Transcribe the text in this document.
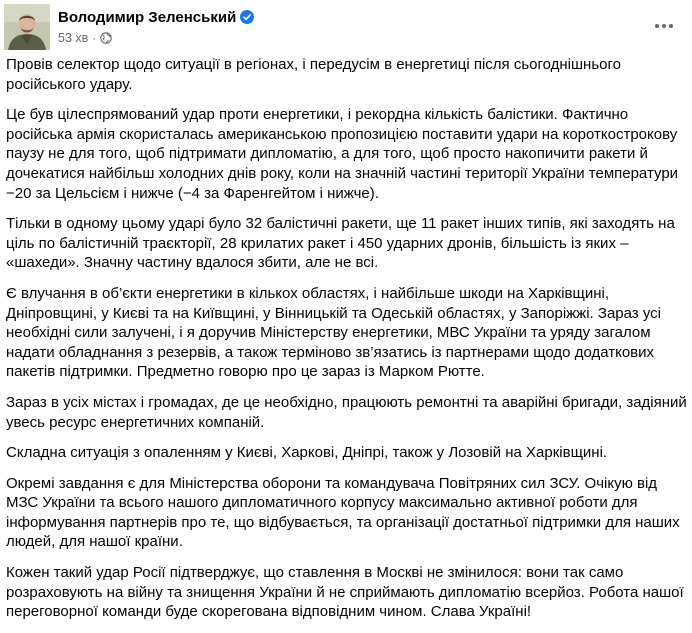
Володимир Зеленський
53 хв ·

Провів селектор щодо ситуації в регіонах, і передусім в енергетиці після сьогоднішнього російського удару.

Це був цілеспрямований удар проти енергетики, і рекордна кількість балістики. Фактично російська армія скористалась американською пропозицією поставити удари на короткострокову паузу не для того, щоб підтримати дипломатію, а для того, щоб просто накопичити ракети й дочекатися найбільш холодних днів року, коли на значній частині території України температури −20 за Цельсієм і нижче (−4 за Фаренгейтом і нижче).

Тільки в одному цьому ударі було 32 балістичні ракети, ще 11 ракет інших типів, які заходять на ціль по балістичній траєкторії, 28 крилатих ракет і 450 ударних дронів, більшість із яких – «шахеди». Значну частину вдалося збити, але не всі.

Є влучання в об’єкти енергетики в кількох областях, і найбільше шкоди на Харківщині, Дніпровщині, у Києві та на Київщині, у Вінницькій та Одеській областях, у Запоріжжі. Зараз усі необхідні сили залучені, і я доручив Міністерству енергетики, МВС України та уряду загалом надати обладнання з резервів, а також терміново зв’язатись із партнерами щодо додаткових пакетів підтримки. Предметно говорю про це зараз із Марком Рютте.

Зараз в усіх містах і громадах, де це необхідно, працюють ремонтні та аварійні бригади, задіяний увесь ресурс енергетичних компаній.

Складна ситуація з опаленням у Києві, Харкові, Дніпрі, також у Лозовій на Харківщині.

Окремі завдання є для Міністерства оборони та командувача Повітряних сил ЗСУ. Очікую від МЗС України та всього нашого дипломатичного корпусу максимально активної роботи для інформування партнерів про те, що відбувається, та організації достатньої підтримки для наших людей, для нашої країни.

Кожен такий удар Росії підтверджує, що ставлення в Москві не змінилося: вони так само розраховують на війну та знищення України й не сприймають дипломатію всерйоз. Робота нашої переговорної команди буде скорегована відповідним чином. Слава Україні!
